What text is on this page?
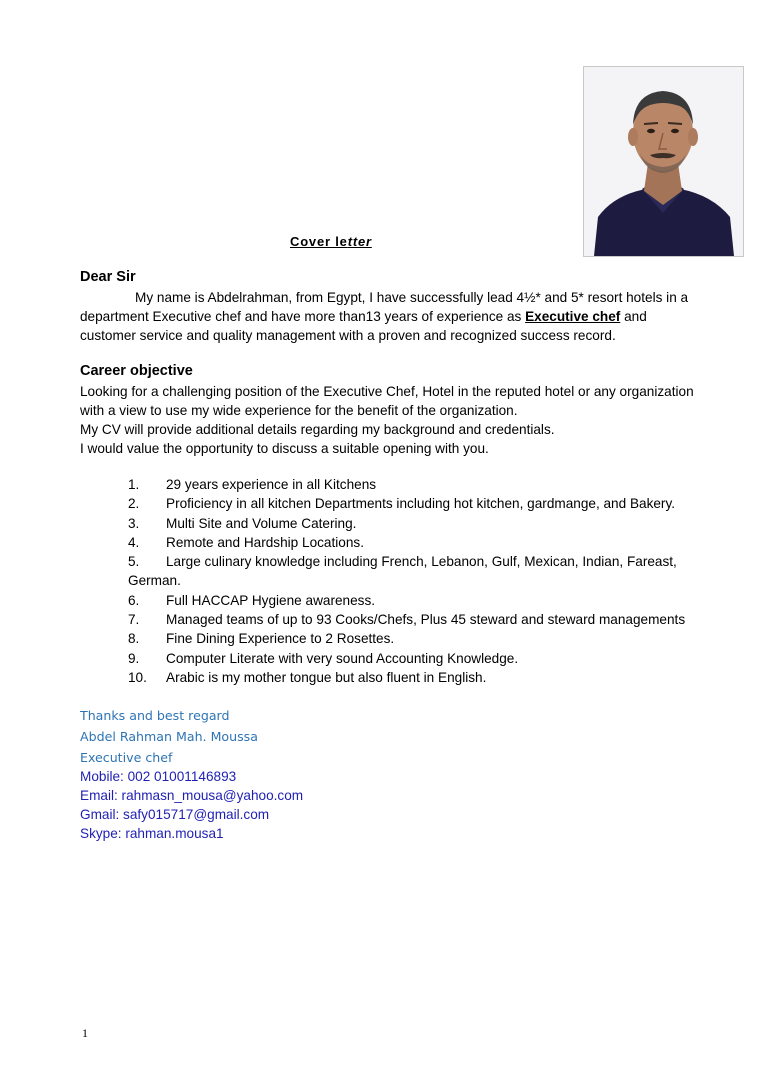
Cover letter
Dear Sir
My name is Abdelrahman, from Egypt, I have successfully lead 4½* and 5* resort hotels in a
department Executive chef and have more than13 years of experience as Executive chef and
customer service and quality management with a proven and recognized success record.
Career objective
Looking for a challenging position of the Executive Chef, Hotel in the reputed hotel or any organization
with a view to use my wide experience for the benefit of the organization.
My CV will provide additional details regarding my background and credentials.
I would value the opportunity to discuss a suitable opening with you.
1. 29 years experience in all Kitchens
2. Proficiency in all kitchen Departments including hot kitchen, gardmange, and Bakery.
3. Multi Site and Volume Catering.
4. Remote and Hardship Locations.
5. Large culinary knowledge including French, Lebanon, Gulf, Mexican, Indian, Fareast,
German.
6. Full HACCAP Hygiene awareness.
7. Managed teams of up to 93 Cooks/Chefs, Plus 45 steward and steward managements
8. Fine Dining Experience to 2 Rosettes.
9. Computer Literate with very sound Accounting Knowledge.
10. Arabic is my mother tongue but also fluent in English.
Thanks and best regard
Abdel Rahman Mah. Moussa
Executive chef
Mobile: 002 01001146893
Email: rahmasn_mousa@yahoo.com
Gmail: safy015717@gmail.com
Skype: rahman.mousa1
1
